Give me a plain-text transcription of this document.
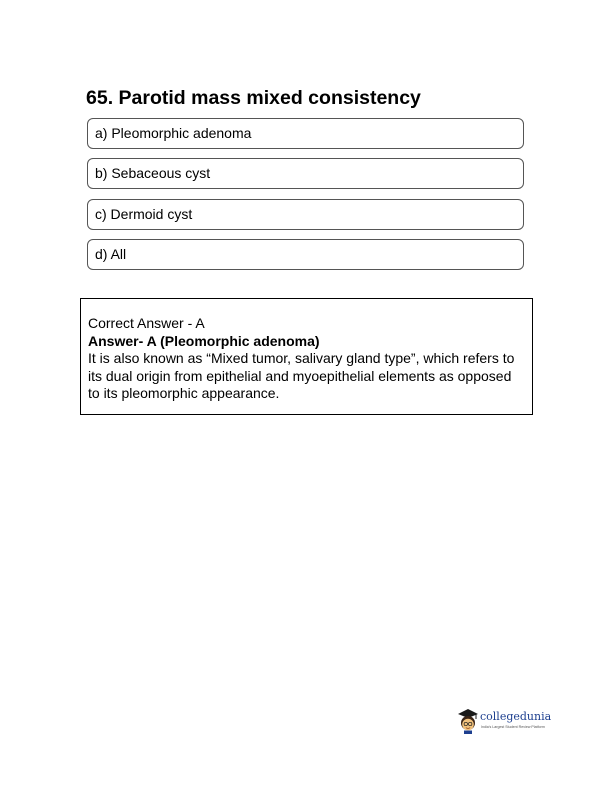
65. Parotid mass mixed consistency
a) Pleomorphic adenoma
b) Sebaceous cyst
c) Dermoid cyst
d) All

Correct Answer - A

Answer- A (Pleomorphic adenoma)

It is also known as “Mixed tumor, salivary gland type”, which refers to its dual origin from epithelial and myoepithelial elements as opposed to its pleomorphic appearance.

collegedunia
India's Largest Student Review Platform
